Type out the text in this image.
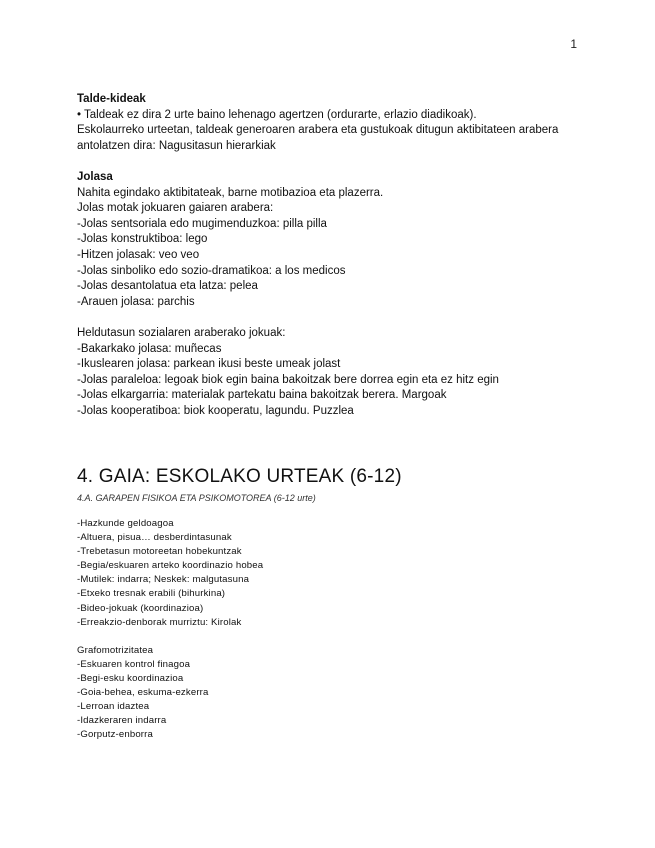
1
Talde-kideak
• Taldeak ez dira 2 urte baino lehenago agertzen (ordurarte, erlazio diadikoak).
Eskolaurreko urteetan, taldeak generoaren arabera eta gustukoak ditugun aktibitateen arabera
antolatzen dira: Nagusitasun hierarkiak
Jolasa
Nahita egindako aktibitateak, barne motibazioa eta plazerra.
Jolas motak jokuaren gaiaren arabera:
-Jolas sentsoriala edo mugimenduzkoa: pilla pilla
-Jolas konstruktiboa: lego
-Hitzen jolasak: veo veo
-Jolas sinboliko edo sozio-dramatikoa: a los medicos
-Jolas desantolatua eta latza: pelea
-Arauen jolasa: parchis
Heldutasun sozialaren araberako jokuak:
-Bakarkako jolasa: muñecas
-Ikuslearen jolasa: parkean ikusi beste umeak jolast
-Jolas paraleloa: legoak biok egin baina bakoitzak bere dorrea egin eta ez hitz egin
-Jolas elkargarria: materialak partekatu baina bakoitzak berera. Margoak
-Jolas kooperatiboa: biok kooperatu, lagundu. Puzzlea
4. GAIA: ESKOLAKO URTEAK (6-12)
4.A. GARAPEN FISIKOA ETA PSIKOMOTOREA (6-12 urte)
-Hazkunde geldoagoa
-Altuera, pisua… desberdintasunak
-Trebetasun motoreetan hobekuntzak
-Begia/eskuaren arteko koordinazio hobea
-Mutilek: indarra; Neskek: malgutasuna
-Etxeko tresnak erabili (bihurkina)
-Bideo-jokuak (koordinazioa)
-Erreakzio-denborak murriztu: Kirolak
Grafomotrizitatea
-Eskuaren kontrol finagoa
-Begi-esku koordinazioa
-Goia-behea, eskuma-ezkerra
-Lerroan idaztea
-Idazkeraren indarra
-Gorputz-enborra
